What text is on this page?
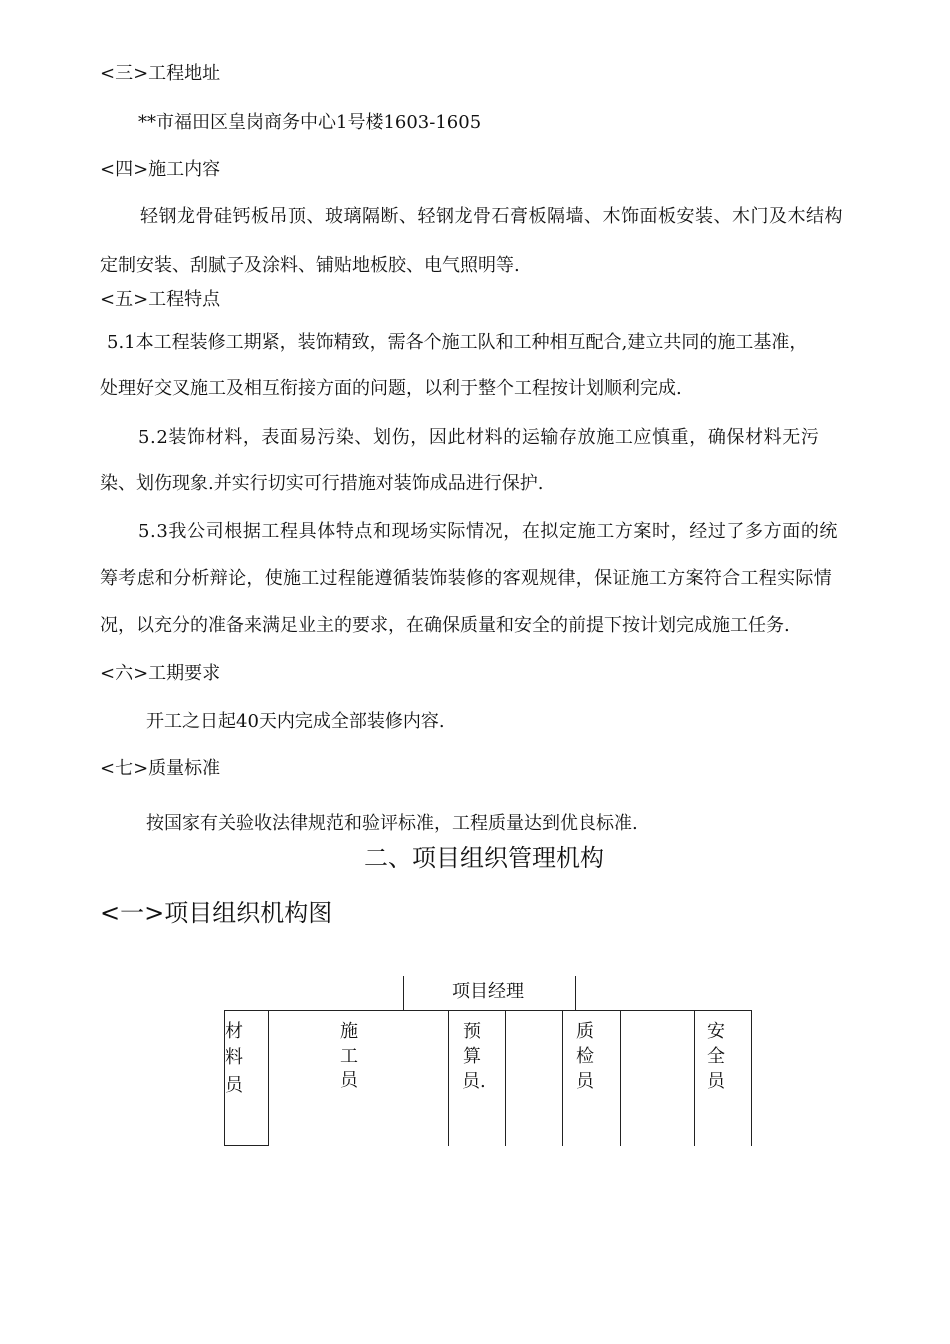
<三>工程地址
**市福田区皇岗商务中心1号楼1603-1605
<四>施工内容
轻钢龙骨硅钙板吊顶、玻璃隔断、轻钢龙骨石膏板隔墙、木饰面板安装、木门及木结构
定制安装、刮腻子及涂料、铺贴地板胶、电气照明等.
<五>工程特点
5.1本工程装修工期紧，装饰精致，需各个施工队和工种相互配合,建立共同的施工基准，
处理好交叉施工及相互衔接方面的问题，以利于整个工程按计划顺利完成.
5.2装饰材料，表面易污染、划伤，因此材料的运输存放施工应慎重，确保材料无污
染、划伤现象.并实行切实可行措施对装饰成品进行保护.
5.3我公司根据工程具体特点和现场实际情况，在拟定施工方案时，经过了多方面的统
筹考虑和分析辩论，使施工过程能遵循装饰装修的客观规律，保证施工方案符合工程实际情
况，以充分的准备来满足业主的要求，在确保质量和安全的前提下按计划完成施工任务.
<六>工期要求
开工之日起40天内完成全部装修内容.
<七>质量标准
按国家有关验收法律规范和验评标准，工程质量达到优良标准.
二、项目组织管理机构
<一>项目组织机构图
项目经理
材
料
员
施
工
员
预
算
员.
质
检
员
安
全
员
